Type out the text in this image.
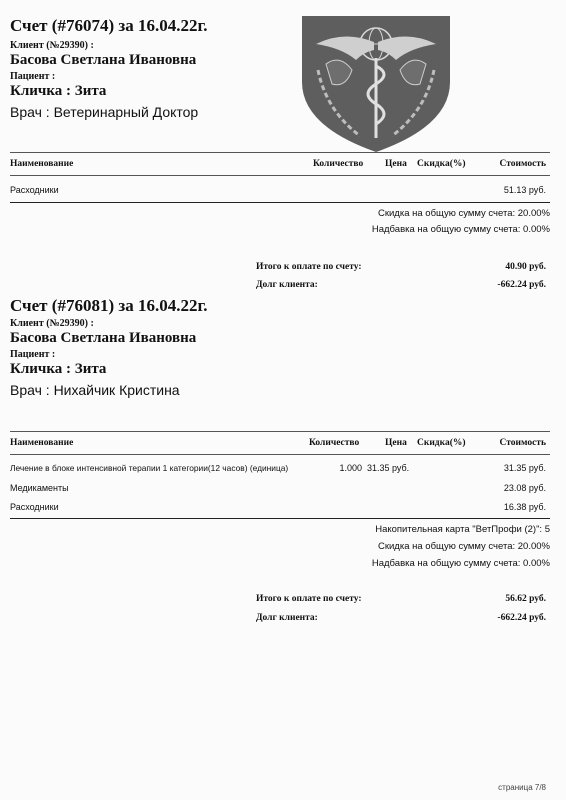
Счет (#76074) за 16.04.22г.
Клиент (№29390) :
Басова Светлана Ивановна
Пациент :
Кличка : Зита
Врач : Ветеринарный Доктор
Наименование	Количество Цена Скидка(%)	Стоимость
Расходники	51.13 руб.
Скидка на общую сумму счета: 20.00%
Надбавка на общую сумму счета: 0.00%
Итого к оплате по счету:	40.90 руб.
Долг клиента:	-662.24 руб.
Счет (#76081) за 16.04.22г.
Клиент (№29390) :
Басова Светлана Ивановна
Пациент :
Кличка : Зита
Врач : Нихайчик Кристина
Наименование	Количество	Цена Скидка(%)	Стоимость
Лечение в блоке интенсивной терапии 1 категории(12 часов) (единица)	1.000 31.35 руб.	31.35 руб.
Медикаменты	23.08 руб.
Расходники	16.38 руб.
Накопительная карта "ВетПрофи (2)": 5
Скидка на общую сумму счета: 20.00%
Надбавка на общую сумму счета: 0.00%
Итого к оплате по счету:	56.62 руб.
Долг клиента:	-662.24 руб.
страница 7/8
